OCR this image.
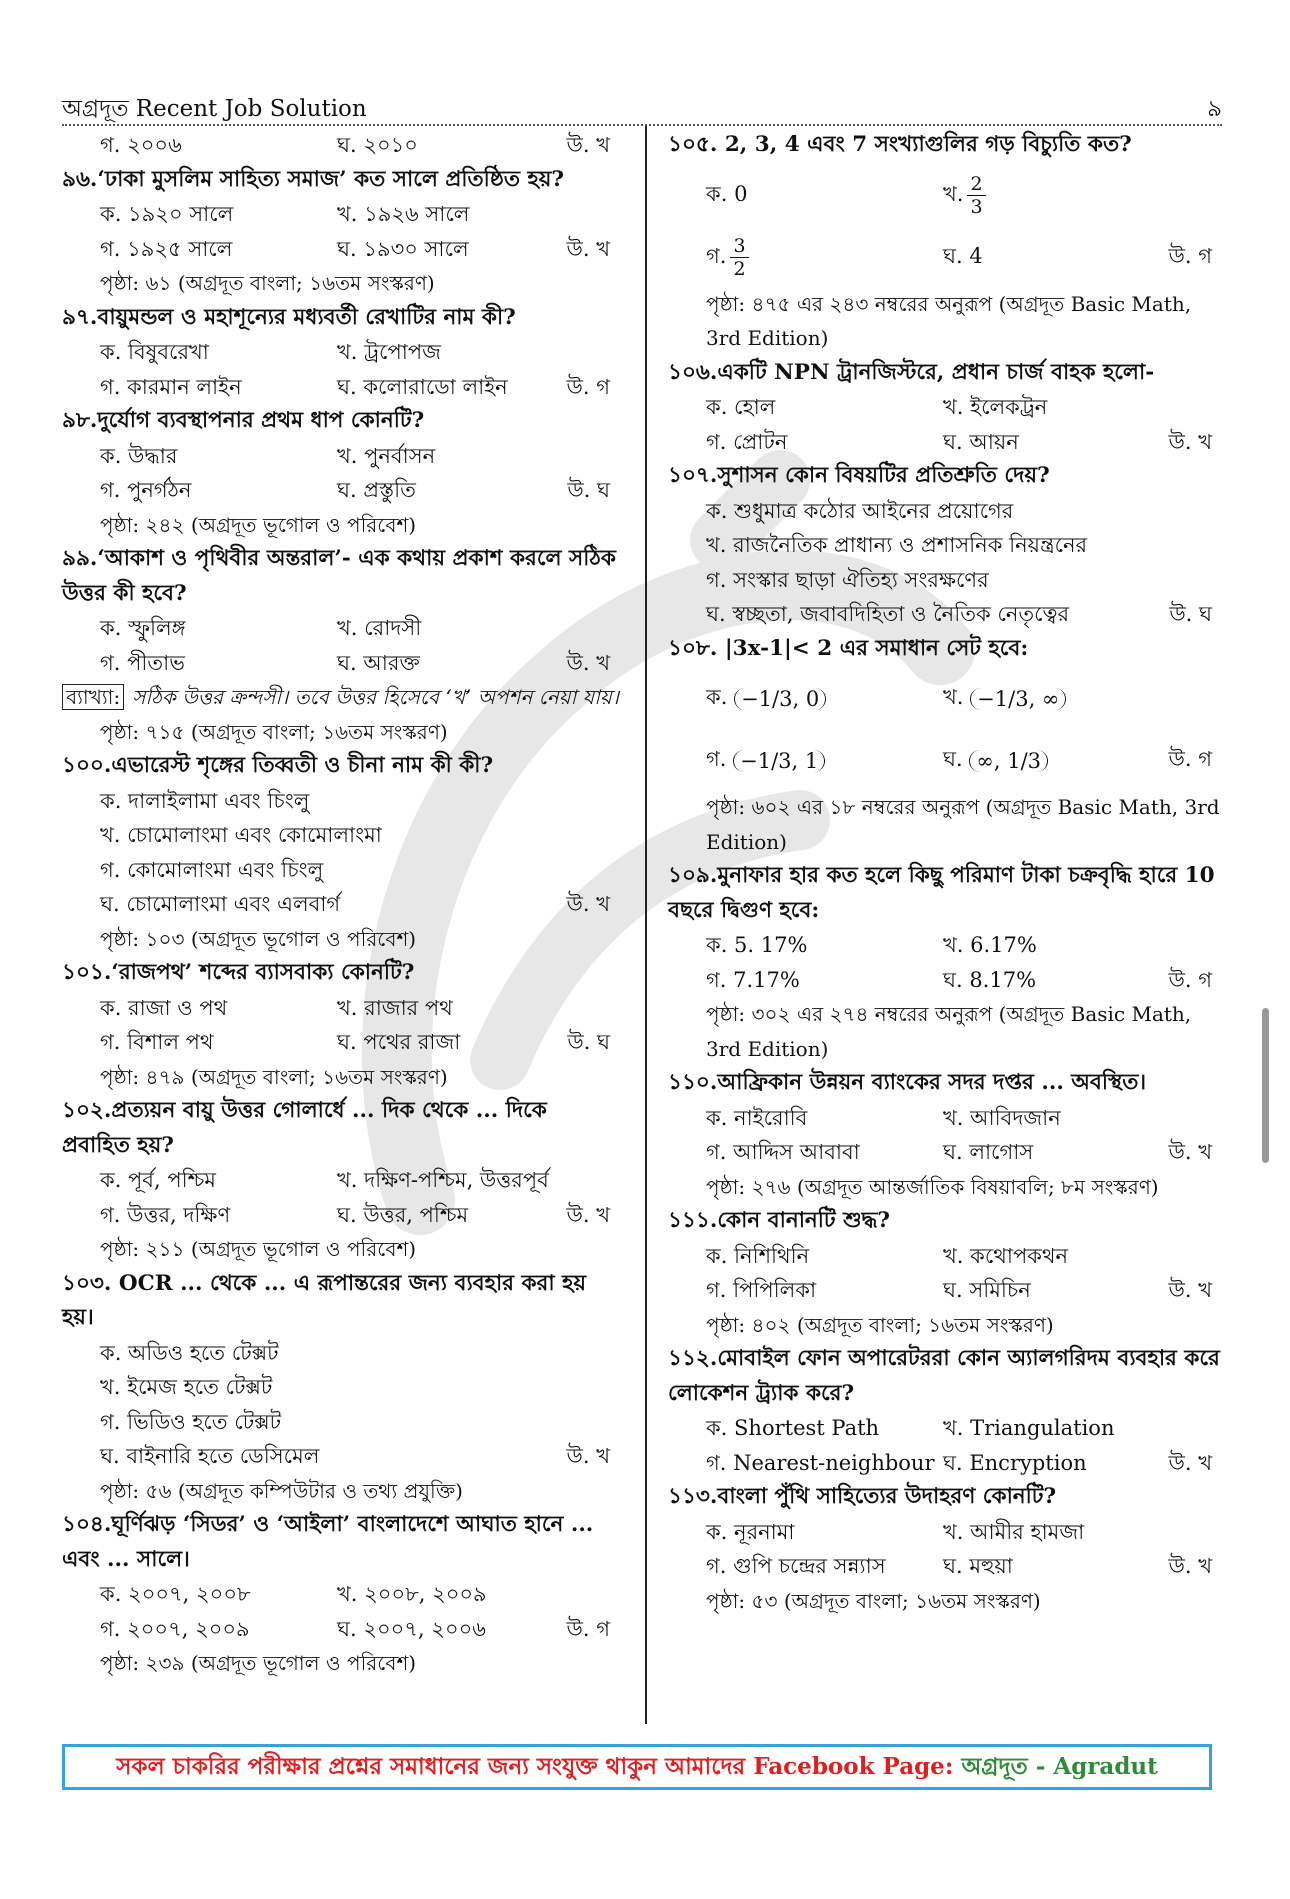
অগ্রদূত Recent Job Solution	৯
গ. ২০০৬	ঘ. ২০১০	উ. খ
৯৬.‘ঢাকা মুসলিম সাহিত্য সমাজ’ কত সালে প্রতিষ্ঠিত হয়?
ক. ১৯২০ সালে	খ. ১৯২৬ সালে
গ. ১৯২৫ সালে	ঘ. ১৯৩০ সালে	উ. খ
পৃষ্ঠা: ৬১ (অগ্রদূত বাংলা; ১৬তম সংস্করণ)
৯৭.বায়ুমন্ডল ও মহাশূন্যের মধ্যবর্তী রেখাটির নাম কী?
ক. বিষুবরেখা	খ. ট্রপোপজ
গ. কারমান লাইন	ঘ. কলোরাডো লাইন	উ. গ
৯৮.দুর্যোগ ব্যবস্থাপনার প্রথম ধাপ কোনটি?
ক. উদ্ধার	খ. পুনর্বাসন
গ. পুনর্গঠন	ঘ. প্রস্তুতি	উ. ঘ
পৃষ্ঠা: ২৪২ (অগ্রদূত ভূগোল ও পরিবেশ)
৯৯.‘আকাশ ও পৃথিবীর অন্তরাল’- এক কথায় প্রকাশ করলে সঠিক উত্তর কী হবে?
ক. স্ফুলিঙ্গ	খ. রোদসী
গ. পীতাভ	ঘ. আরক্ত	উ. খ
ব্যাখ্যা: সঠিক উত্তর ক্রন্দসী। তবে উত্তর হিসেবে ‘খ’ অপশন নেয়া যায়।
পৃষ্ঠা: ৭১৫ (অগ্রদূত বাংলা; ১৬তম সংস্করণ)
১০০.এভারেস্ট শৃঙ্গের তিব্বতী ও চীনা নাম কী কী?
ক. দালাইলামা এবং চিংলু
খ. চোমোলাংমা এবং কোমোলাংমা
গ. কোমোলাংমা এবং চিংলু
ঘ. চোমোলাংমা এবং এলবার্গ	উ. খ
পৃষ্ঠা: ১০৩ (অগ্রদূত ভূগোল ও পরিবেশ)
১০১.‘রাজপথ’ শব্দের ব্যাসবাক্য কোনটি?
ক. রাজা ও পথ	খ. রাজার পথ
গ. বিশাল পথ	ঘ. পথের রাজা	উ. ঘ
পৃষ্ঠা: ৪৭৯ (অগ্রদূত বাংলা; ১৬তম সংস্করণ)
১০২.প্রত্যয়ন বায়ু উত্তর গোলার্ধে ... দিক থেকে ... দিকে প্রবাহিত হয়?
ক. পূর্ব, পশ্চিম	খ. দক্ষিণ-পশ্চিম, উত্তরপূর্ব
গ. উত্তর, দক্ষিণ	ঘ. উত্তর, পশ্চিম	উ. খ
পৃষ্ঠা: ২১১ (অগ্রদূত ভূগোল ও পরিবেশ)
১০৩. OCR ... থেকে ... এ রূপান্তরের জন্য ব্যবহার করা হয় হয়।
ক. অডিও হতে টেক্সট
খ. ইমেজ হতে টেক্সট
গ. ভিডিও হতে টেক্সট
ঘ. বাইনারি হতে ডেসিমেল	উ. খ
পৃষ্ঠা: ৫৬ (অগ্রদূত কম্পিউটার ও তথ্য প্রযুক্তি)
১০৪.ঘূর্ণিঝড় ‘সিডর’ ও ‘আইলা’ বাংলাদেশে আঘাত হানে ... এবং ... সালে।
ক. ২০০৭, ২০০৮	খ. ২০০৮, ২০০৯
গ. ২০০৭, ২০০৯	ঘ. ২০০৭, ২০০৬	উ. গ
পৃষ্ঠা: ২৩৯ (অগ্রদূত ভূগোল ও পরিবেশ)
১০৫. 2, 3, 4 এবং 7 সংখ্যাগুলির গড় বিচ্যুতি কত?
ক. 0	খ. $\frac{2}{3}$
গ. $\frac{3}{2}$	ঘ. 4	উ. গ
পৃষ্ঠা: ৪৭৫ এর ২৪৩ নম্বরের অনুরূপ (অগ্রদূত Basic Math, 3rd Edition)
১০৬.একটি NPN ট্রানজিস্টরে, প্রধান চার্জ বাহক হলো-
ক. হোল	খ. ইলেকট্রন
গ. প্রোটন	ঘ. আয়ন	উ. খ
১০৭.সুশাসন কোন বিষয়টির প্রতিশ্রুতি দেয়?
ক. শুধুমাত্র কঠোর আইনের প্রয়োগের
খ. রাজনৈতিক প্রাধান্য ও প্রশাসনিক নিয়ন্ত্রনের
গ. সংস্কার ছাড়া ঐতিহ্য সংরক্ষণের
ঘ. স্বচ্ছতা, জবাবদিহিতা ও নৈতিক নেতৃত্বের	উ. ঘ
১০৮. |3x-1|< 2 এর সমাধান সেট হবে:
ক. −1/3, 0	খ. −1/3, ∞
গ. −1/3, 1	ঘ. ∞, 1/3	উ. গ
পৃষ্ঠা: ৬০২ এর ১৮ নম্বরের অনুরূপ (অগ্রদূত Basic Math, 3rd Edition)
১০৯.মুনাফার হার কত হলে কিছু পরিমাণ টাকা চক্রবৃদ্ধি হারে 10 বছরে দ্বিগুণ হবে:
ক. 5. 17%	খ. 6.17%
গ. 7.17%	ঘ. 8.17%	উ. গ
পৃষ্ঠা: ৩০২ এর ২৭৪ নম্বরের অনুরূপ (অগ্রদূত Basic Math, 3rd Edition)
১১০.আফ্রিকান উন্নয়ন ব্যাংকের সদর দপ্তর ... অবস্থিত।
ক. নাইরোবি	খ. আবিদজান
গ. আদ্দিস আবাবা	ঘ. লাগোস	উ. খ
পৃষ্ঠা: ২৭৬ (অগ্রদূত আন্তর্জাতিক বিষয়াবলি; ৮ম সংস্করণ)
১১১.কোন বানানটি শুদ্ধ?
ক. নিশিথিনি	খ. কথোপকথন
গ. পিপিলিকা	ঘ. সমিচিন	উ. খ
পৃষ্ঠা: ৪০২ (অগ্রদূত বাংলা; ১৬তম সংস্করণ)
১১২.মোবাইল ফোন অপারেটররা কোন অ্যালগরিদম ব্যবহার করে লোকেশন ট্র্যাক করে?
ক. Shortest Path	খ. Triangulation
গ. Nearest-neighbour ঘ. Encryption	উ. খ
১১৩.বাংলা পুঁথি সাহিত্যের উদাহরণ কোনটি?
ক. নূরনামা	খ. আমীর হামজা
গ. গুপি চন্দ্রের সন্ন্যাস	ঘ. মহুয়া	উ. খ
পৃষ্ঠা: ৫৩ (অগ্রদূত বাংলা; ১৬তম সংস্করণ)
সকল চাকরির পরীক্ষার প্রশ্নের সমাধানের জন্য সংযুক্ত থাকুন আমাদের Facebook Page: অগ্রদূত - Agradut
